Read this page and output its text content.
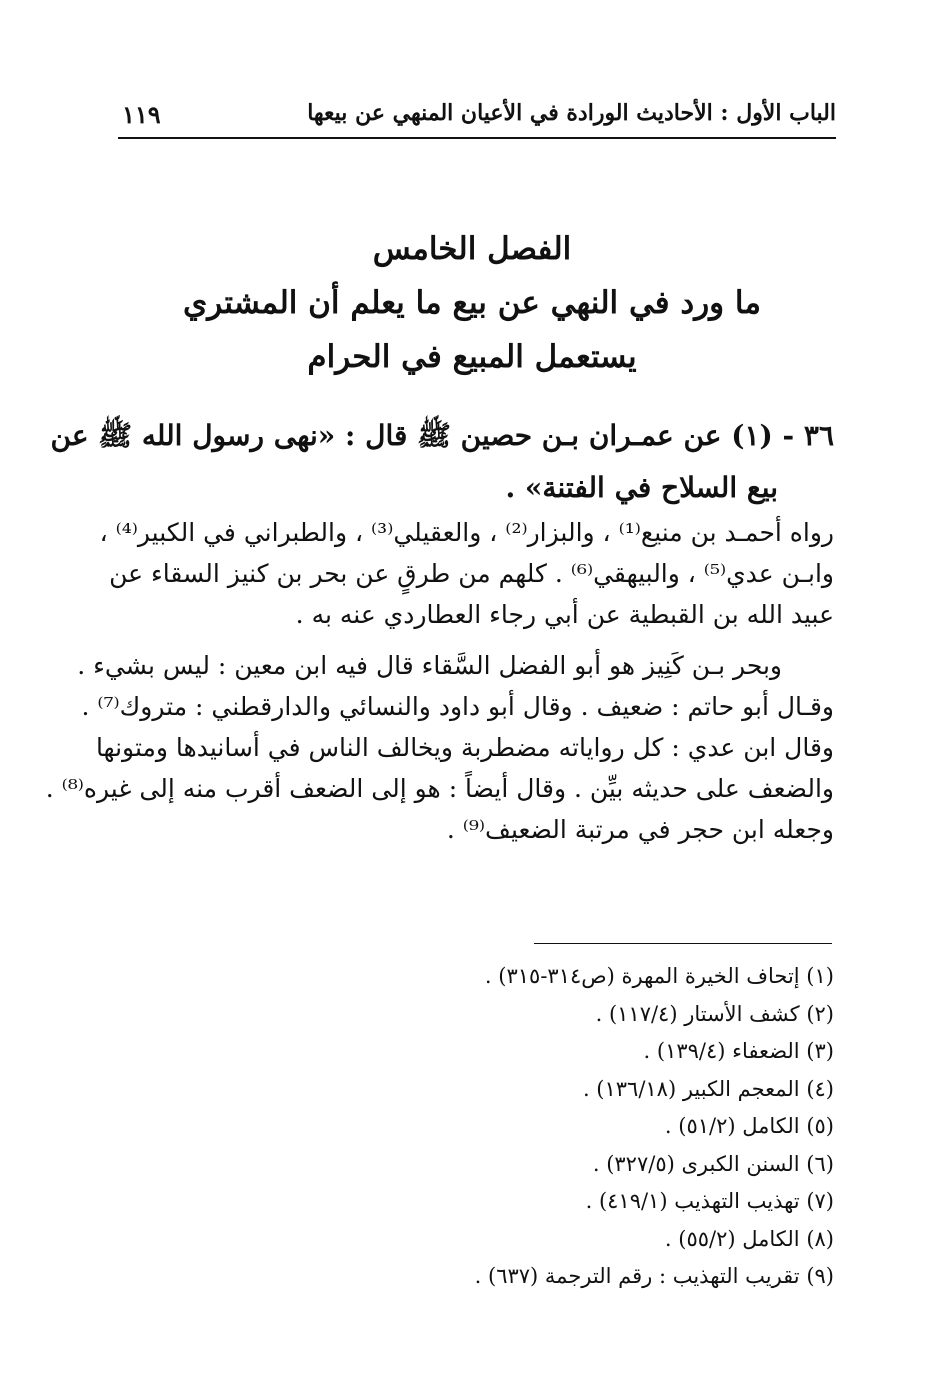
الباب الأول : الأحاديث الورادة في الأعيان المنهي عن بيعها
١١٩
الفصل الخامس
ما ورد في النهي عن بيع ما يعلم أن المشتري
يستعمل المبيع في الحرام
٣٦ - (١) عن عمـران بـن حصين ﷺ قال : «نهى رسول الله ﷺ عن
بيع السلاح في الفتنة» .
رواه أحمـد بن منيع⁽¹⁾ ، والبزار⁽²⁾ ، والعقيلي⁽³⁾ ، والطبراني في الكبير⁽⁴⁾ ،
وابـن عدي⁽⁵⁾ ، والبيهقي⁽⁶⁾ . كلهم من طرقٍ عن بحر بن كنيز السقاء عن
عبيد الله بن القبطية عن أبي رجاء العطاردي عنه به .
وبحر بـن كَنِيز هو أبو الفضل السَّقاء قال فيه ابن معين : ليس بشيء .
وقـال أبو حاتم : ضعيف . وقال أبو داود والنسائي والدارقطني : متروك⁽⁷⁾ .
وقال ابن عدي : كل رواياته مضطربة ويخالف الناس في أسانيدها ومتونها
والضعف على حديثه بيِّن . وقال أيضاً : هو إلى الضعف أقرب منه إلى غيره⁽⁸⁾ .
وجعله ابن حجر في مرتبة الضعيف⁽⁹⁾ .
(١) إتحاف الخيرة المهرة (ص٣١٤-٣١٥) .
(٢) كشف الأستار (١١٧/٤) .
(٣) الضعفاء (١٣٩/٤) .
(٤) المعجم الكبير (١٣٦/١٨) .
(٥) الكامل (٥١/٢) .
(٦) السنن الكبرى (٣٢٧/٥) .
(٧) تهذيب التهذيب (٤١٩/١) .
(٨) الكامل (٥٥/٢) .
(٩) تقريب التهذيب : رقم الترجمة (٦٣٧) .
